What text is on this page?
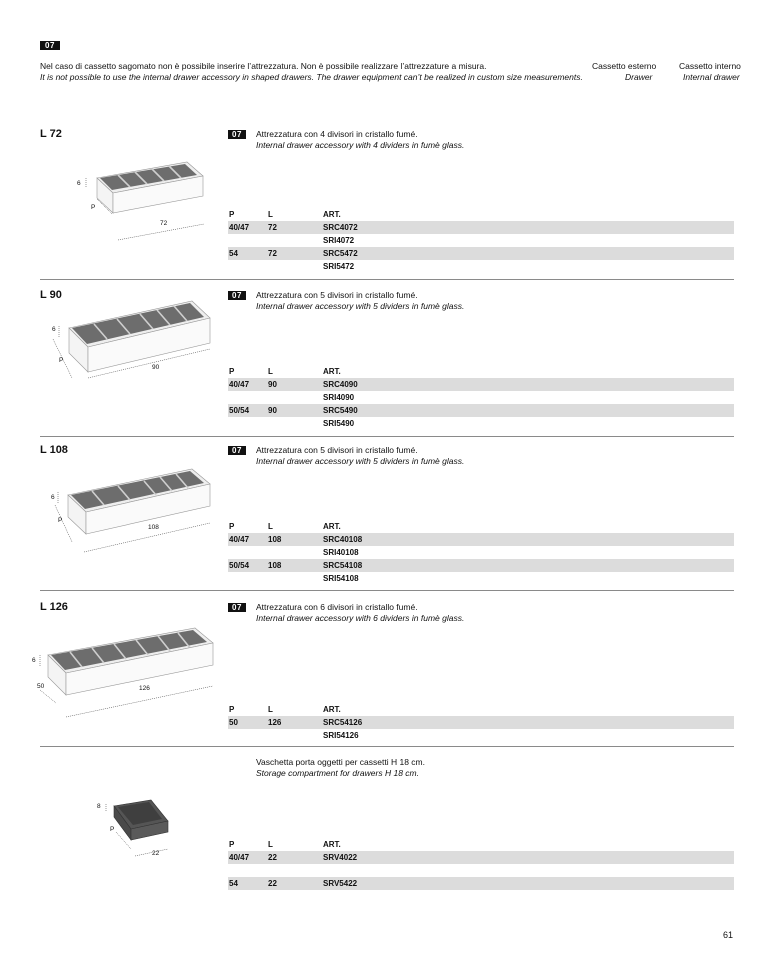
07
Nel caso di cassetto sagomato non è possibile inserire l’attrezzatura. Non è possibile realizzare l’attrezzature a misura.
It is not possible to use the internal drawer accessory in shaped drawers. The drawer equipment can’t be realized in custom size measurements.
Cassetto esterno
Drawer
Cassetto interno
Internal drawer
L 72	07	Attrezzatura con 4 divisori in cristallo fumé.
Internal drawer accessory with 4 dividers in fumè glass.
6
P
72
P	L	ART.
40/47 72	SRC4072
SRI4072
54	72	SRC5472
SRI5472
L 90	07	Attrezzatura con 5 divisori in cristallo fumé.
Internal drawer accessory with 5 dividers in fumè glass.
6
P
90	P	L	ART.
40/47 90	SRC4090
SRI4090
50/54 90	SRC5490
SRI5490
L 108	07	Attrezzatura con 5 divisori in cristallo fumé.
Internal drawer accessory with 5 dividers in fumè glass.
6
P
108	P	L	ART.
40/47 108	SRC40108
SRI40108
50/54 108	SRC54108
SRI54108
L 126	07	Attrezzatura con 6 divisori in cristallo fumé.
Internal drawer accessory with 6 dividers in fumè glass.
6
50	126
P	L	ART.
50	126	SRC54126
SRI54126
Vaschetta porta oggetti per cassetti H 18 cm.
Storage compartment for drawers H 18 cm.
8
P
22
P	L	ART.
40/47 22	SRV4022
54	22	SRV5422
61
